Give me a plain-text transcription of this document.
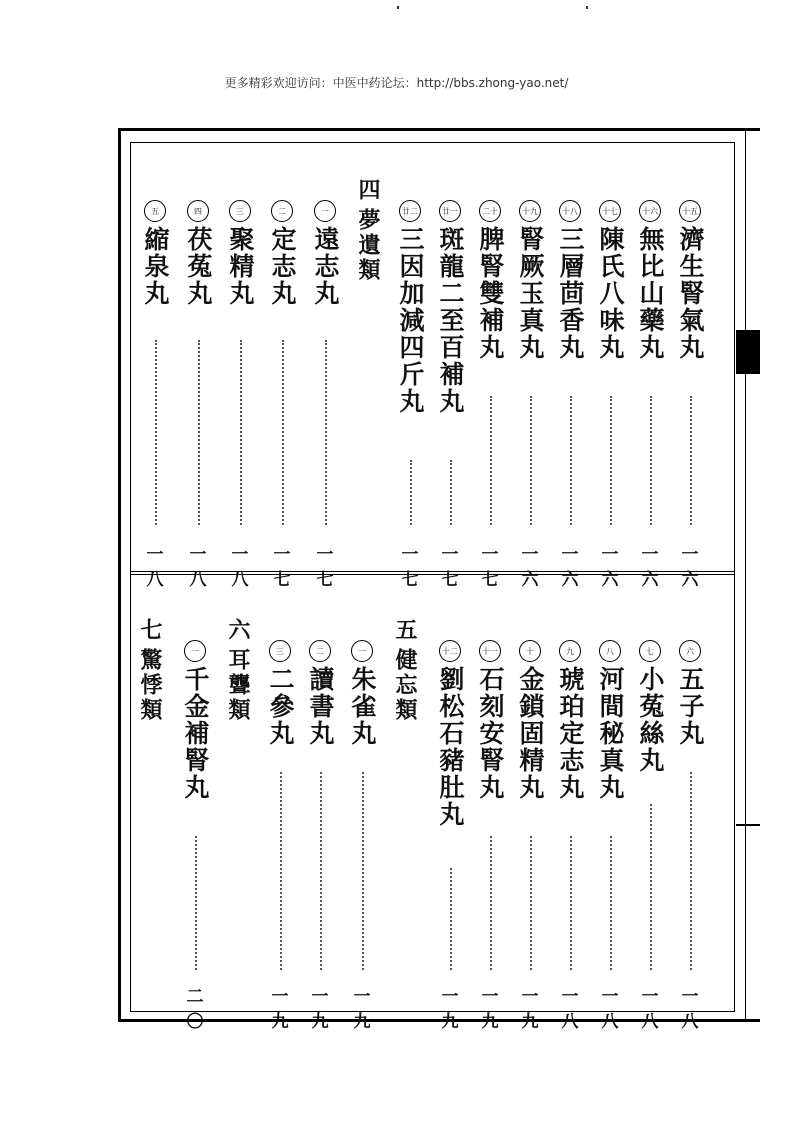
更多精彩欢迎访问：中医中药论坛：http://bbs.zhong-yao.net/
十五
濟生腎氣丸
一六
十六
無比山藥丸
一六
十七
陳氏八味丸
一六
十八
三層茴香丸
一六
十九
腎厥玉真丸
一六
二十
脾腎雙補丸
一七
廿一
斑龍二至百補丸
一七
廿二
三因加減四斤丸
一七
四
夢遺類
一
遠志丸
一七
二
定志丸
一七
三
聚精丸
一八
四
茯菟丸
一八
五
縮泉丸
一八
六
五子丸
一八
七
小菟絲丸
一八
八
河間秘真丸
一八
九
琥珀定志丸
一八
十
金鎖固精丸
一九
十一
石刻安腎丸
一九
十二
劉松石豬肚丸
一九
五
健忘類
一
朱雀丸
一九
二
讀書丸
一九
三
二參丸
一九
六
耳聾類
一
千金補腎丸
二〇
七
驚悸類
